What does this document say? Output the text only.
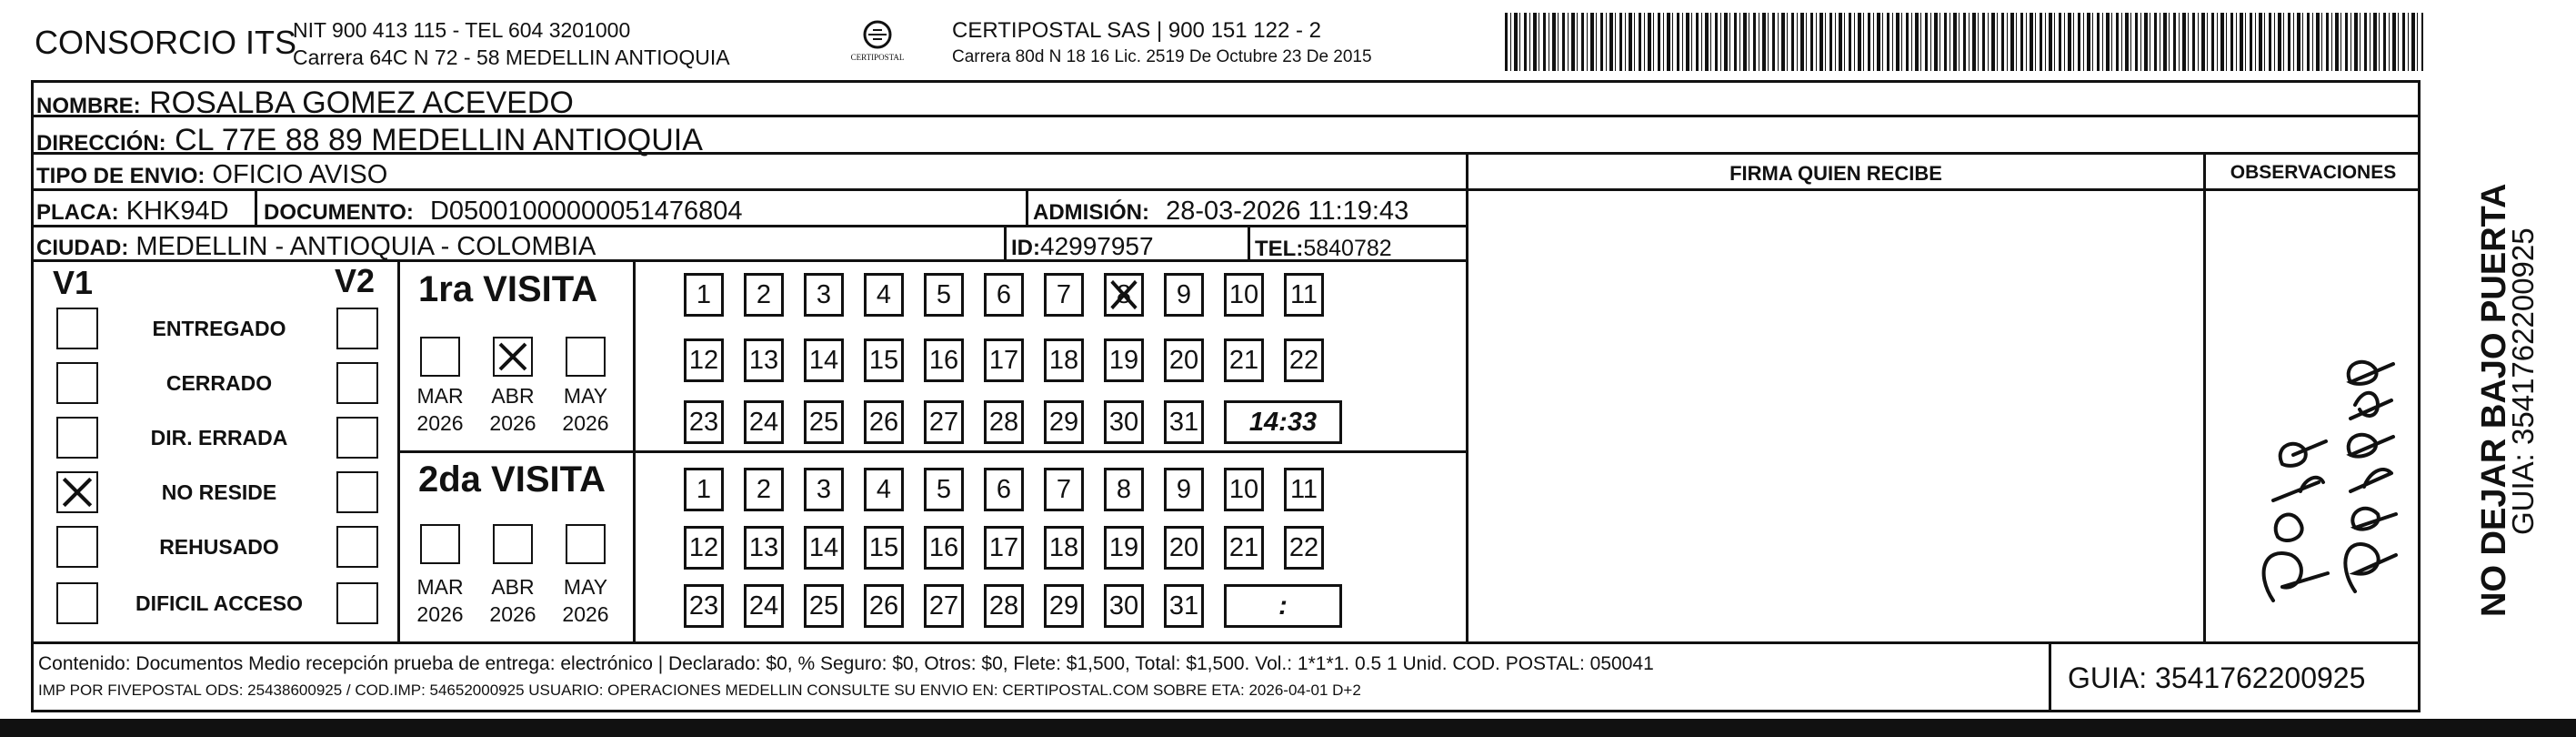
CONSORCIO ITS
NIT 900 413 115 - TEL 604 3201000
Carrera 64C N 72 - 58 MEDELLIN ANTIOQUIA	CERTIPOSTAL
CERTIPOSTAL SAS | 900 151 122 - 2
Carrera 80d N 18 16 Lic. 2519 De Octubre 23 De 2015
NOMBRE: ROSALBA GOMEZ ACEVEDO
DIRECCIÓN: CL 77E 88 89 MEDELLIN ANTIOQUIA
TIPO DE ENVIO: OFICIO AVISO	FIRMA QUIEN RECIBE	OBSERVACIONES
PLACA: KHK94D DOCUMENTO: D05001000000051476804	ADMISIÓN: 28-03-2026 11:19:43
CIUDAD: MEDELLIN - ANTIOQUIA - COLOMBIA	ID:42997957	TEL:5840782
V1	V2
ENTREGADO
CERRADO
DIR. ERRADA
NO RESIDE
REHUSADO
DIFICIL ACCESO
1ra VISITA
2da VISITA
MAR
2026
ABR
2026
MAY
2026
MAR
2026
ABR
2026
MAY
2026
1	2	3	4	5	6	7	8	9	10 11
12 13 14 15 16 17 18 19 20 21 22
23 24 25 26 27 28 29 30 31	14:33
1	2	3	4	5	6	7	8	9	10 11
12 13 14 15 16 17 18 19 20 21 22
23 24 25 26 27 28 29 30 31	:
Contenido: Documentos Medio recepción prueba de entrega: electrónico | Declarado: $0, % Seguro: $0, Otros: $0, Flete: $1,500, Total: $1,500. Vol.: 1*1*1. 0.5 1 Unid. COD. POSTAL: 050041
IMP POR FIVEPOSTAL ODS: 25438600925 / COD.IMP: 54652000925 USUARIO: OPERACIONES MEDELLIN CONSULTE SU ENVIO EN: CERTIPOSTAL.COM SOBRE ETA: 2026-04-01 D+2	GUIA: 3541762200925
NO DEJAR BAJO PUERTA
GUIA: 3541762200925
